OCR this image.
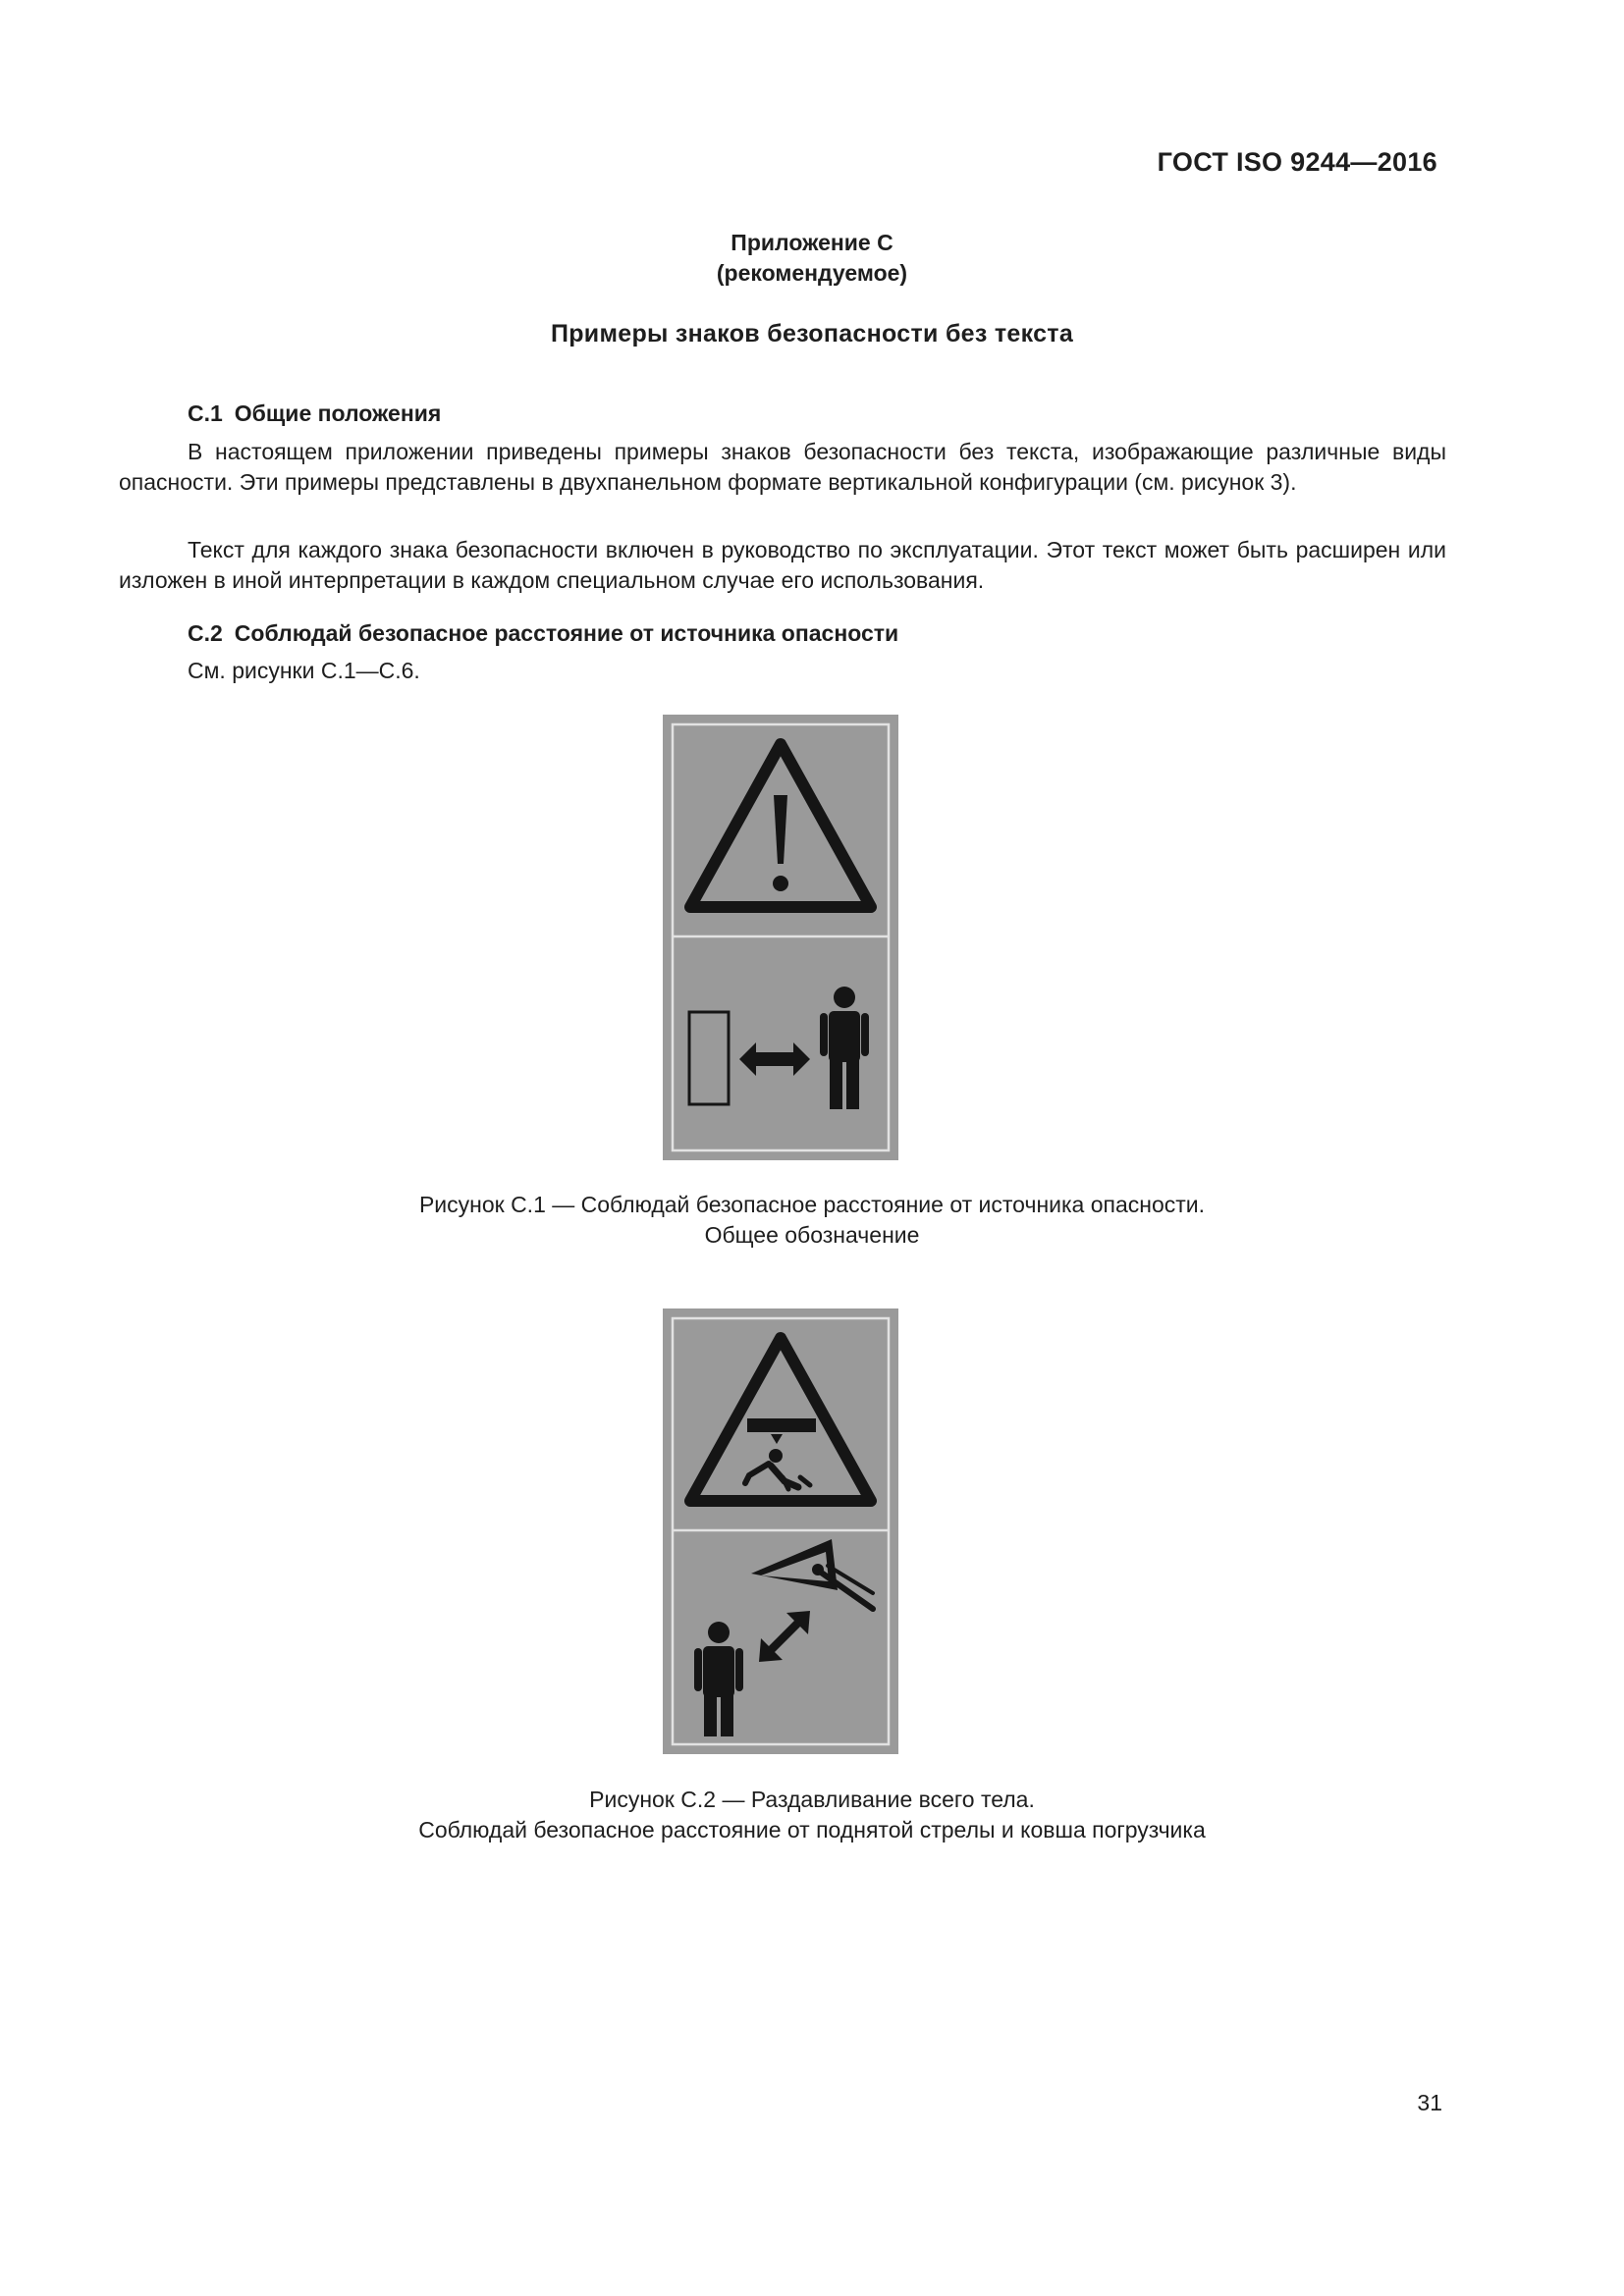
ГОСТ ISO 9244—2016
Приложение С
(рекомендуемое)
Примеры знаков безопасности без текста
С.1 Общие положения

В настоящем приложении приведены примеры знаков безопасности без текста, изображающие различные виды опасности. Эти примеры представлены в двухпанельном формате вертикальной конфигурации (см. рисунок 3).

Текст для каждого знака безопасности включен в руководство по эксплуатации. Этот текст может быть расширен или изложен в иной интерпретации в каждом специальном случае его использования.

С.2 Соблюдай безопасное расстояние от источника опасности
См. рисунки С.1—С.6.
Рисунок С.1 — Соблюдай безопасное расстояние от источника опасности.
Общее обозначение
Рисунок С.2 — Раздавливание всего тела.
Соблюдай безопасное расстояние от поднятой стрелы и ковша погрузчика
31
